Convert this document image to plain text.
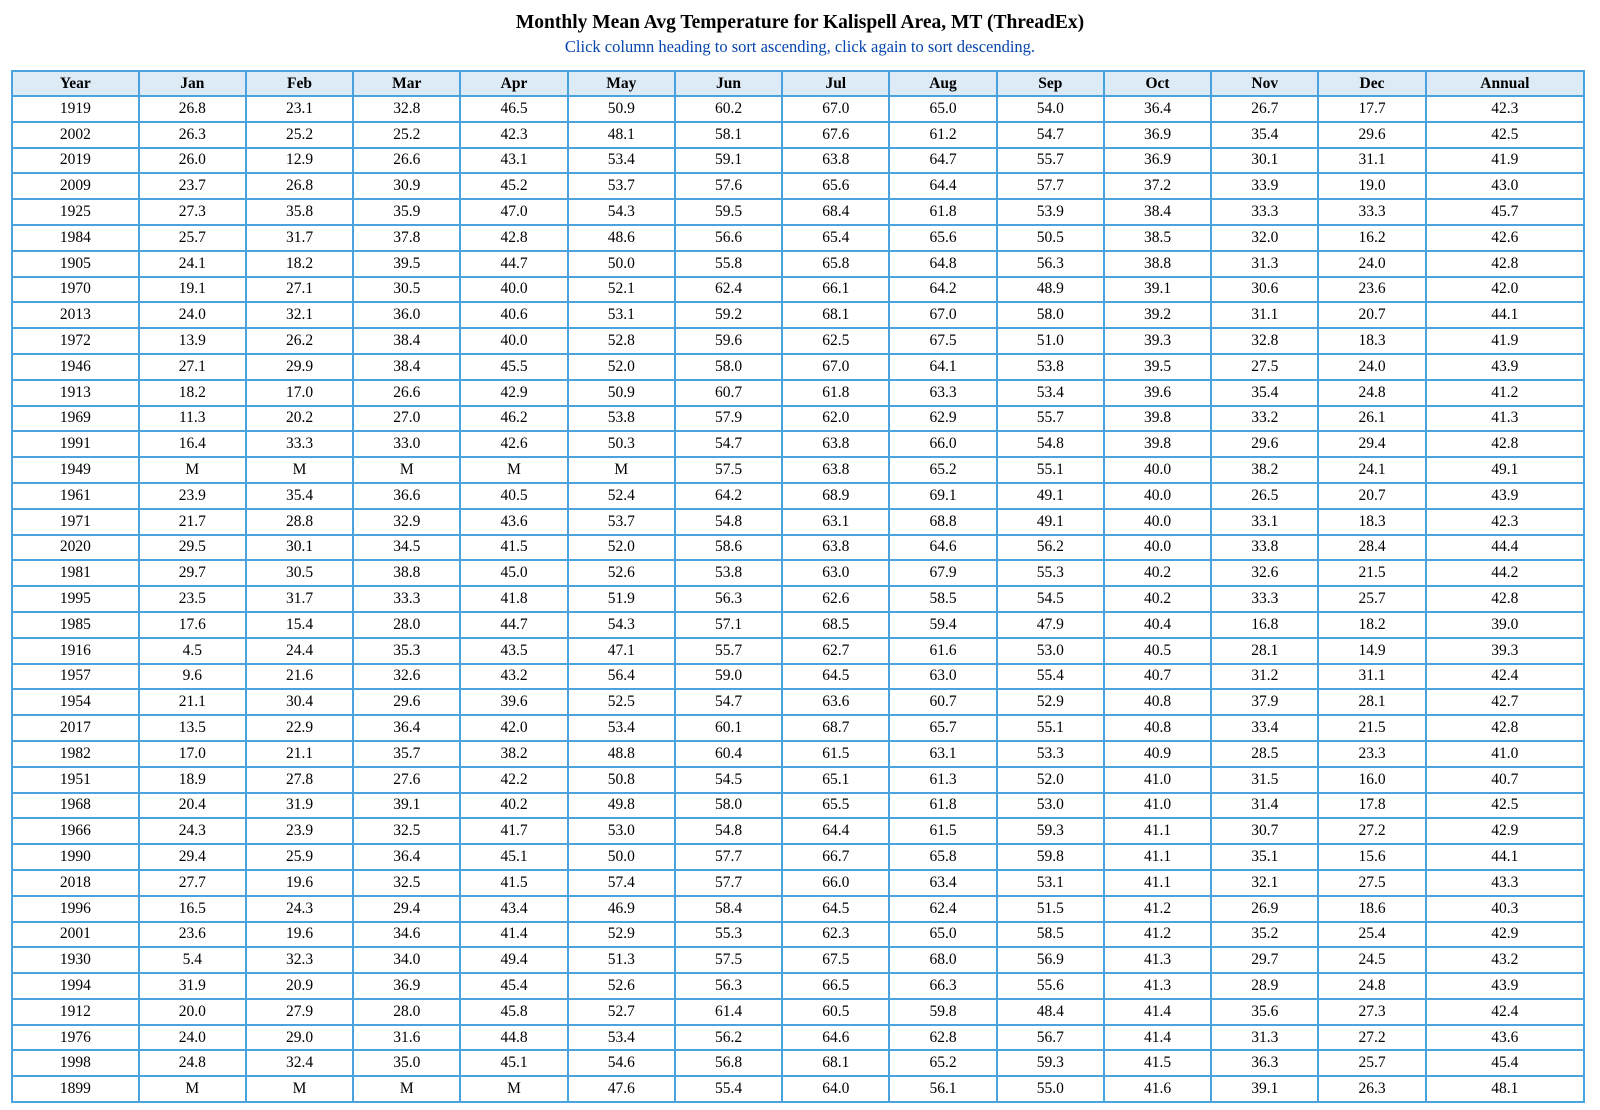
Monthly Mean Avg Temperature for Kalispell Area, MT (ThreadEx)
Click column heading to sort ascending, click again to sort descending.
Year	Jan	Feb	Mar	Apr	May	Jun	Jul	Aug	Sep	Oct	Nov	Dec	Annual
1919	26.8	23.1	32.8	46.5	50.9	60.2	67.0	65.0	54.0	36.4	26.7	17.7	42.3
2002	26.3	25.2	25.2	42.3	48.1	58.1	67.6	61.2	54.7	36.9	35.4	29.6	42.5
2019	26.0	12.9	26.6	43.1	53.4	59.1	63.8	64.7	55.7	36.9	30.1	31.1	41.9
2009	23.7	26.8	30.9	45.2	53.7	57.6	65.6	64.4	57.7	37.2	33.9	19.0	43.0
1925	27.3	35.8	35.9	47.0	54.3	59.5	68.4	61.8	53.9	38.4	33.3	33.3	45.7
1984	25.7	31.7	37.8	42.8	48.6	56.6	65.4	65.6	50.5	38.5	32.0	16.2	42.6
1905	24.1	18.2	39.5	44.7	50.0	55.8	65.8	64.8	56.3	38.8	31.3	24.0	42.8
1970	19.1	27.1	30.5	40.0	52.1	62.4	66.1	64.2	48.9	39.1	30.6	23.6	42.0
2013	24.0	32.1	36.0	40.6	53.1	59.2	68.1	67.0	58.0	39.2	31.1	20.7	44.1
1972	13.9	26.2	38.4	40.0	52.8	59.6	62.5	67.5	51.0	39.3	32.8	18.3	41.9
1946	27.1	29.9	38.4	45.5	52.0	58.0	67.0	64.1	53.8	39.5	27.5	24.0	43.9
1913	18.2	17.0	26.6	42.9	50.9	60.7	61.8	63.3	53.4	39.6	35.4	24.8	41.2
1969	11.3	20.2	27.0	46.2	53.8	57.9	62.0	62.9	55.7	39.8	33.2	26.1	41.3
1991	16.4	33.3	33.0	42.6	50.3	54.7	63.8	66.0	54.8	39.8	29.6	29.4	42.8
1949	M	M	M	M	M	57.5	63.8	65.2	55.1	40.0	38.2	24.1	49.1
1961	23.9	35.4	36.6	40.5	52.4	64.2	68.9	69.1	49.1	40.0	26.5	20.7	43.9
1971	21.7	28.8	32.9	43.6	53.7	54.8	63.1	68.8	49.1	40.0	33.1	18.3	42.3
2020	29.5	30.1	34.5	41.5	52.0	58.6	63.8	64.6	56.2	40.0	33.8	28.4	44.4
1981	29.7	30.5	38.8	45.0	52.6	53.8	63.0	67.9	55.3	40.2	32.6	21.5	44.2
1995	23.5	31.7	33.3	41.8	51.9	56.3	62.6	58.5	54.5	40.2	33.3	25.7	42.8
1985	17.6	15.4	28.0	44.7	54.3	57.1	68.5	59.4	47.9	40.4	16.8	18.2	39.0
1916	4.5	24.4	35.3	43.5	47.1	55.7	62.7	61.6	53.0	40.5	28.1	14.9	39.3
1957	9.6	21.6	32.6	43.2	56.4	59.0	64.5	63.0	55.4	40.7	31.2	31.1	42.4
1954	21.1	30.4	29.6	39.6	52.5	54.7	63.6	60.7	52.9	40.8	37.9	28.1	42.7
2017	13.5	22.9	36.4	42.0	53.4	60.1	68.7	65.7	55.1	40.8	33.4	21.5	42.8
1982	17.0	21.1	35.7	38.2	48.8	60.4	61.5	63.1	53.3	40.9	28.5	23.3	41.0
1951	18.9	27.8	27.6	42.2	50.8	54.5	65.1	61.3	52.0	41.0	31.5	16.0	40.7
1968	20.4	31.9	39.1	40.2	49.8	58.0	65.5	61.8	53.0	41.0	31.4	17.8	42.5
1966	24.3	23.9	32.5	41.7	53.0	54.8	64.4	61.5	59.3	41.1	30.7	27.2	42.9
1990	29.4	25.9	36.4	45.1	50.0	57.7	66.7	65.8	59.8	41.1	35.1	15.6	44.1
2018	27.7	19.6	32.5	41.5	57.4	57.7	66.0	63.4	53.1	41.1	32.1	27.5	43.3
1996	16.5	24.3	29.4	43.4	46.9	58.4	64.5	62.4	51.5	41.2	26.9	18.6	40.3
2001	23.6	19.6	34.6	41.4	52.9	55.3	62.3	65.0	58.5	41.2	35.2	25.4	42.9
1930	5.4	32.3	34.0	49.4	51.3	57.5	67.5	68.0	56.9	41.3	29.7	24.5	43.2
1994	31.9	20.9	36.9	45.4	52.6	56.3	66.5	66.3	55.6	41.3	28.9	24.8	43.9
1912	20.0	27.9	28.0	45.8	52.7	61.4	60.5	59.8	48.4	41.4	35.6	27.3	42.4
1976	24.0	29.0	31.6	44.8	53.4	56.2	64.6	62.8	56.7	41.4	31.3	27.2	43.6
1998	24.8	32.4	35.0	45.1	54.6	56.8	68.1	65.2	59.3	41.5	36.3	25.7	45.4
1899	M	M	M	M	47.6	55.4	64.0	56.1	55.0	41.6	39.1	26.3	48.1
